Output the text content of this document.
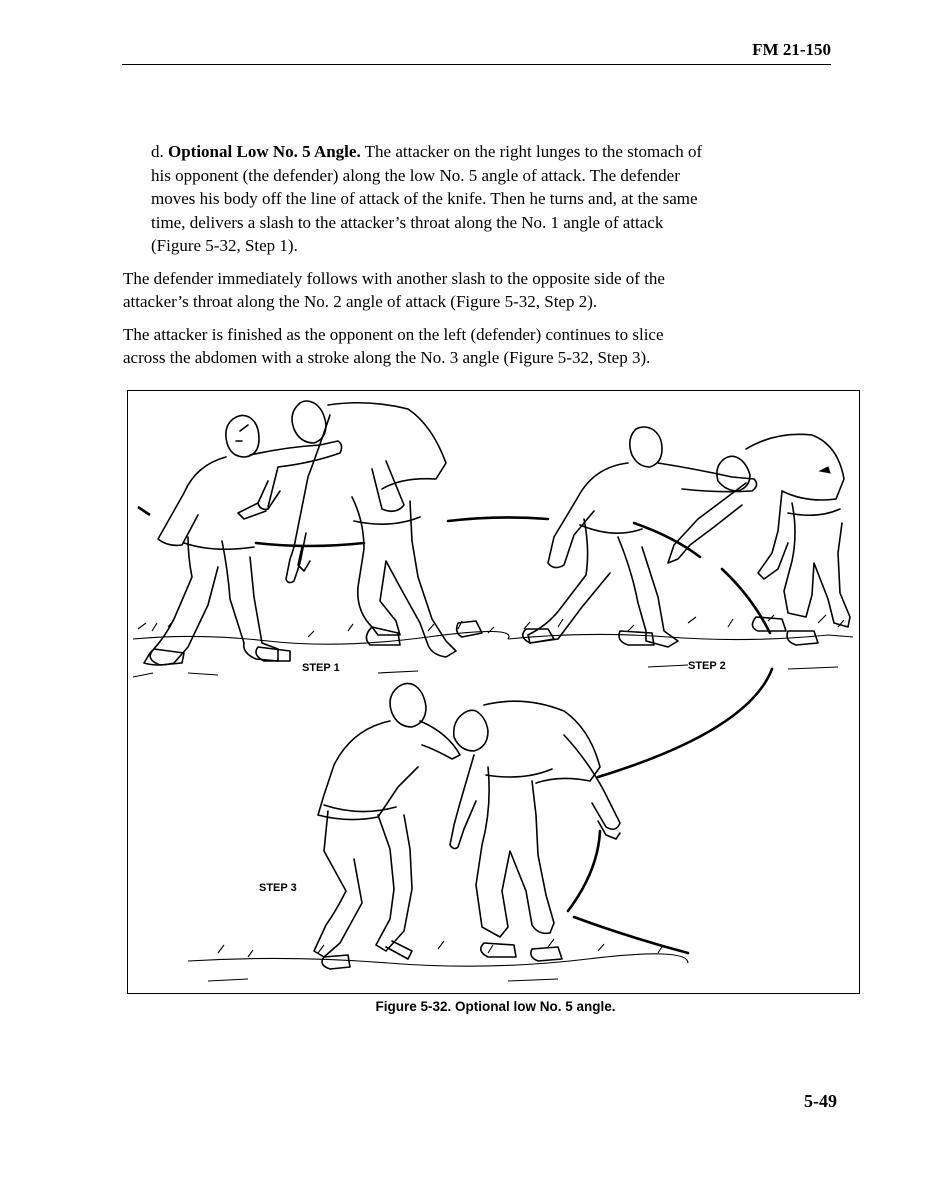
FM 21-150

d. Optional Low No. 5 Angle. The attacker on the right lunges to the stomach of his opponent (the defender) along the low No. 5 angle of attack. The defender moves his body off the line of attack of the knife. Then he turns and, at the same time, delivers a slash to the attacker’s throat along the No. 1 angle of attack (Figure 5-32, Step 1).

The defender immediately follows with another slash to the opposite side of the attacker’s throat along the No. 2 angle of attack (Figure 5-32, Step 2).

The attacker is finished as the opponent on the left (defender) continues to slice across the abdomen with a stroke along the No. 3 angle (Figure 5-32, Step 3).

STEP 1	STEP 2
STEP 3
Figure 5-32. Optional low No. 5 angle.
5-49
